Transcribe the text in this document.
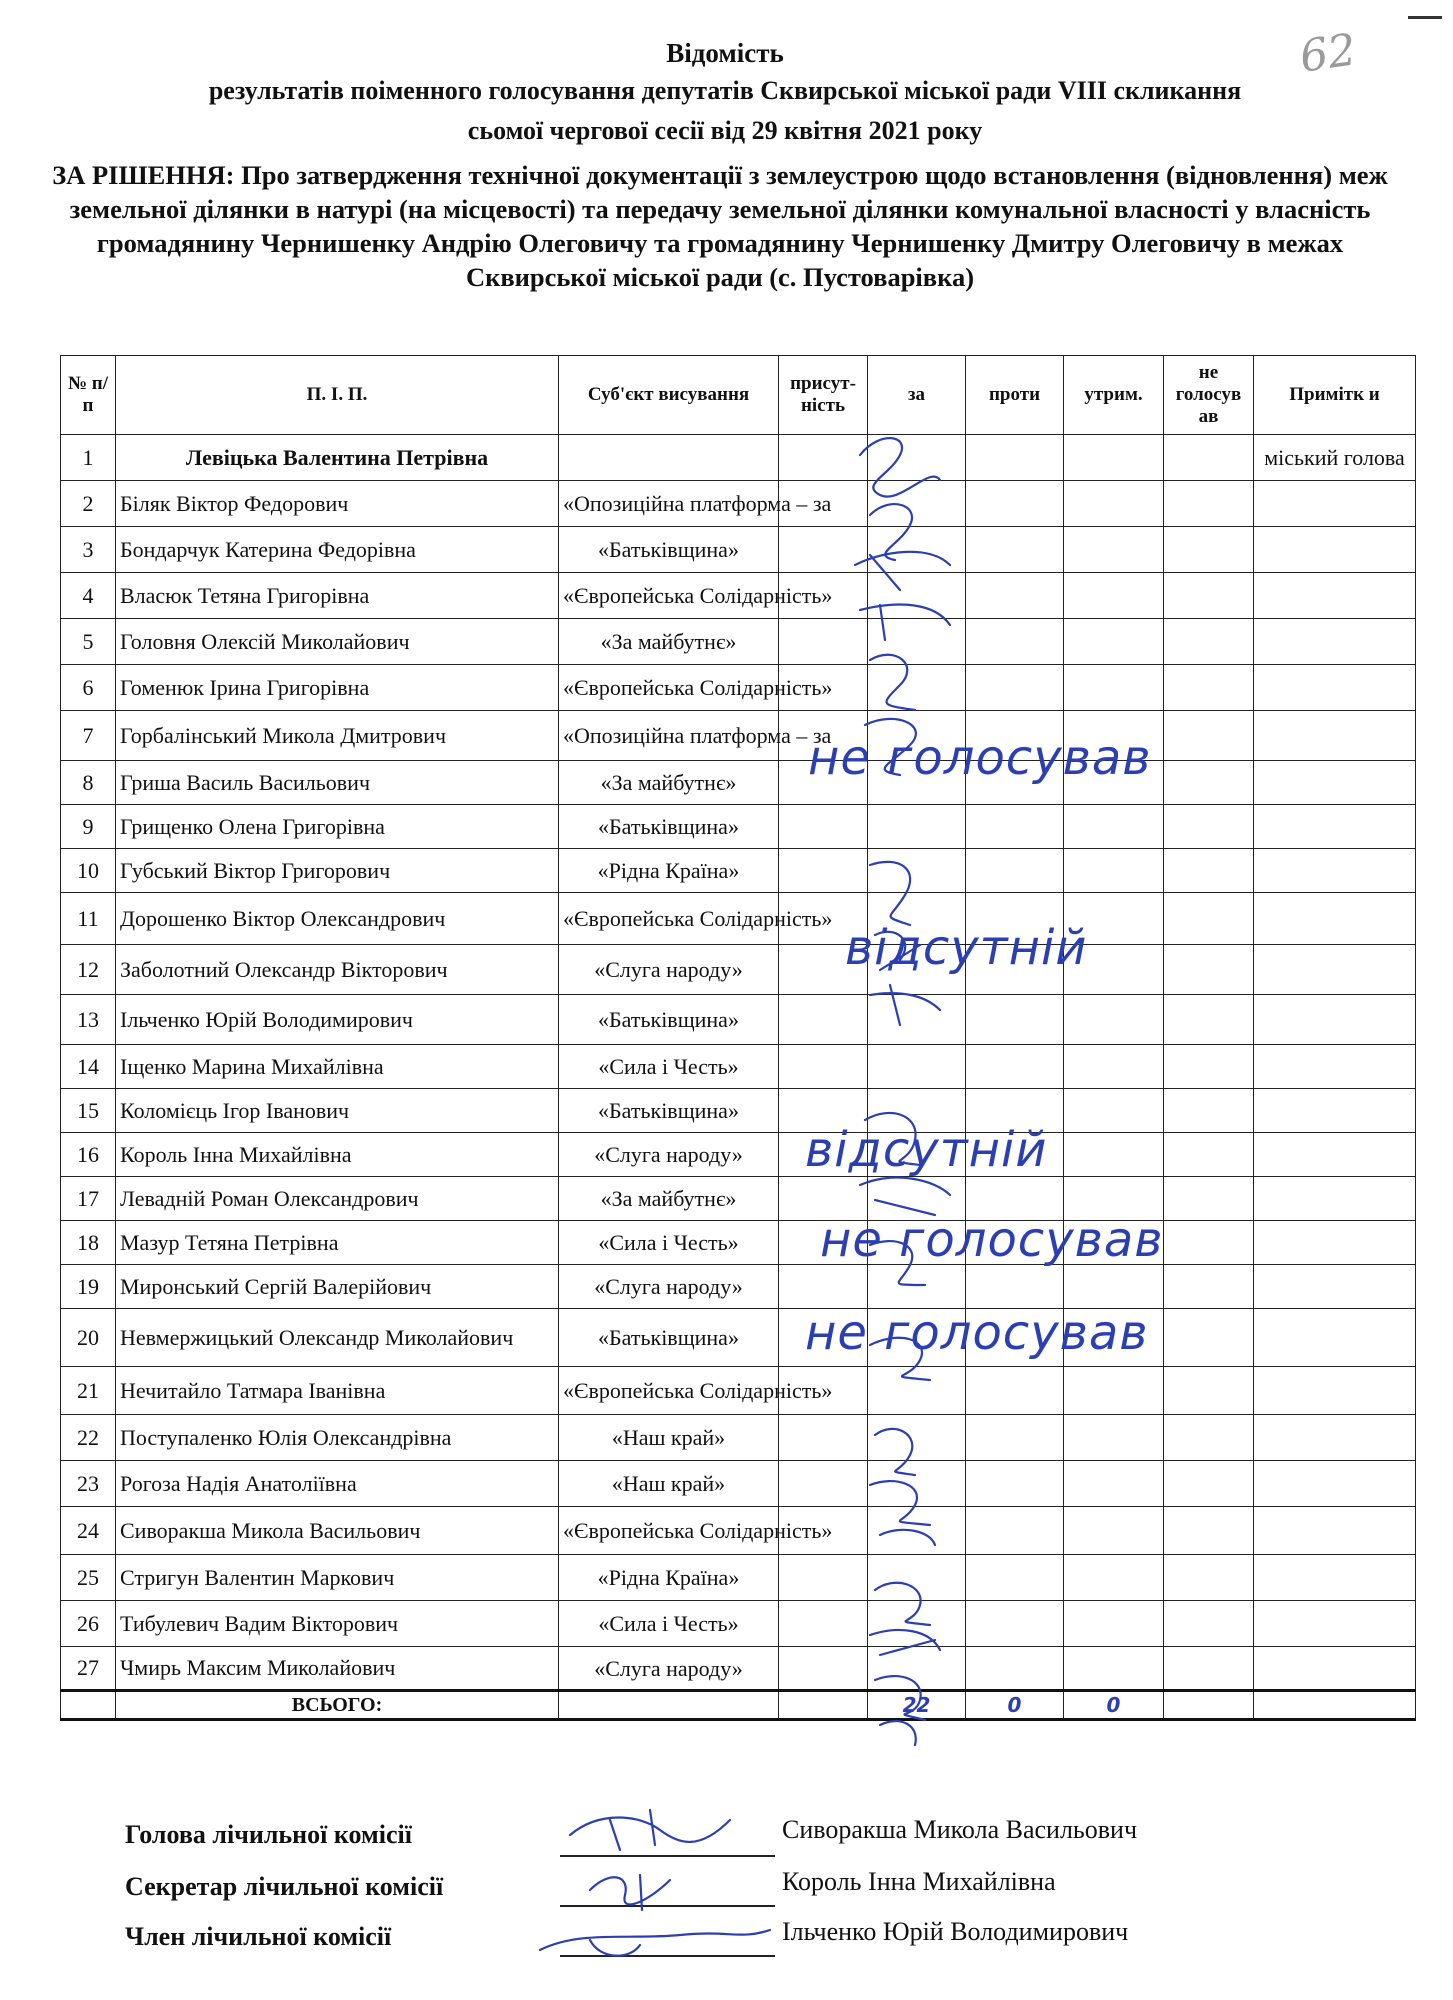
62
Відомість
результатів поіменного голосування депутатів Сквирської міської ради VIII скликання
сьомої чергової сесії від 29 квітня 2021 року
ЗА РІШЕННЯ: Про затвердження технічної документації з землеустрою щодо встановлення (відновлення) меж земельної ділянки в натурі (на місцевості) та передачу земельної ділянки комунальної власності у власність громадянину Чернишенку Андрію Олеговичу та громадянину Чернишенку Дмитру Олеговичу в межах Сквирської міської ради (с. Пустоварівка)
№ п/п	П. І. П.	Суб'єкт висування	присут-ність	за	проти	утрим.	не голосув ав	Примітк и
1	Левіцька Валентина Петрівна							міський голова
2	Біляк Віктор Федорович	«Опозиційна платформа – за						
3	Бондарчук Катерина Федорівна	«Батьківщина»						
4	Власюк Тетяна Григорівна	«Європейська Солідарність»						
5	Головня Олексій Миколайович	«За майбутнє»						
6	Гоменюк Ірина Григорівна	«Європейська Солідарність»						
7	Горбалінський Микола Дмитрович	«Опозиційна платформа – за						
8	Гриша Василь Васильович	«За майбутнє»						
9	Грищенко Олена Григорівна	«Батьківщина»						
10	Губський Віктор Григорович	«Рідна Країна»						
11	Дорошенко Віктор Олександрович	«Європейська Солідарність»						
12	Заболотний Олександр Вікторович	«Слуга народу»						
13	Ільченко Юрій Володимирович	«Батьківщина»						
14	Іщенко Марина Михайлівна	«Сила і Честь»						
15	Коломієць Ігор Іванович	«Батьківщина»						
16	Король Інна Михайлівна	«Слуга народу»						
17	Левадній Роман Олександрович	«За майбутнє»						
18	Мазур Тетяна Петрівна	«Сила і Честь»						
19	Миронський Сергій Валерійович	«Слуга народу»						
20	Невмержицький Олександр Миколайович	«Батьківщина»						
21	Нечитайло Татмара Іванівна	«Європейська Солідарність»						
22	Поступаленко Юлія Олександрівна	«Наш край»						
23	Рогоза Надія Анатоліївна	«Наш край»						
24	Сиворакша Микола Васильович	«Європейська Солідарність»						
25	Стригун Валентин Маркович	«Рідна Країна»						
26	Тибулевич Вадим Вікторович	«Сила і Честь»						
27	Чмирь Максим Миколайович	«Слуга народу»						
	ВСЬОГО:			22	0	0		
не голосував
відсутній
відсутній
не голосував
не голосував
Голова лічильної комісії	Сиворакша Микола Васильович
Секретар лічильної комісії	Король Інна Михайлівна
Член лічильної комісії	Ільченко Юрій Володимирович
